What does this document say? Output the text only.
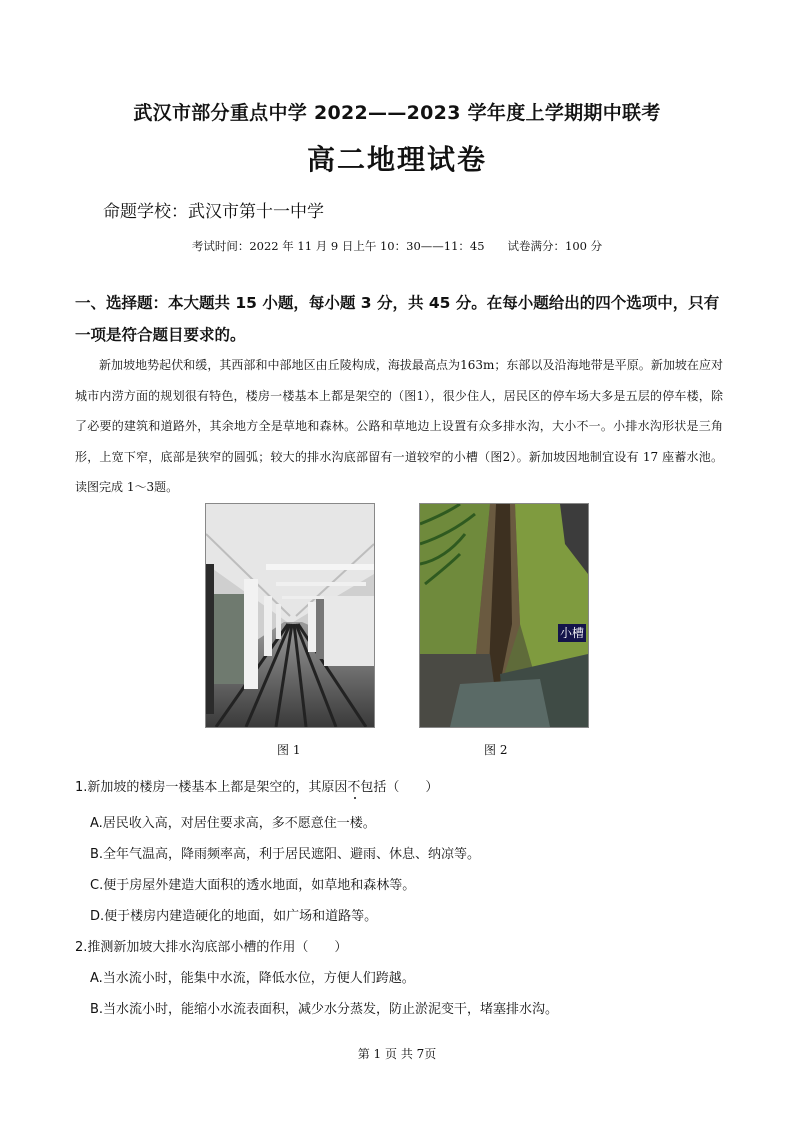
武汉市部分重点中学 2022——2023 学年度上学期期中联考
高二地理试卷
命题学校：武汉市第十一中学
考试时间：2022 年 11 月 9 日上午 10：30——11：45　　试卷满分：100 分
一、选择题：本大题共 15 小题，每小题 3 分，共 45 分。在每小题给出的四个选项中，只有一项是符合题目要求的。

新加坡地势起伏和缓，其西部和中部地区由丘陵构成，海拔最高点为163m；东部以及沿海地带是平原。新加坡在应对城市内涝方面的规划很有特色，楼房一楼基本上都是架空的（图1），很少住人，居民区的停车场大多是五层的停车楼，除了必要的建筑和道路外，其余地方全是草地和森林。公路和草地边上设置有众多排水沟，大小不一。小排水沟形状是三角形，上宽下窄，底部是狭窄的圆弧；较大的排水沟底部留有一道较窄的小槽（图2）。新加坡因地制宜设有 17 座蓄水池。读图完成 1～3题。

图 1
小槽
图 2
1.新加坡的楼房一楼基本上都是架空的，其原因不包括（　　）
A.居民收入高，对居住要求高，多不愿意住一楼。
B.全年气温高，降雨频率高，利于居民遮阳、避雨、休息、纳凉等。
C.便于房屋外建造大面积的透水地面，如草地和森林等。
D.便于楼房内建造硬化的地面，如广场和道路等。
2.推测新加坡大排水沟底部小槽的作用（　　）
A.当水流小时，能集中水流，降低水位，方便人们跨越。
B.当水流小时，能缩小水流表面积，减少水分蒸发，防止淤泥变干，堵塞排水沟。
第 1 页 共 7页
